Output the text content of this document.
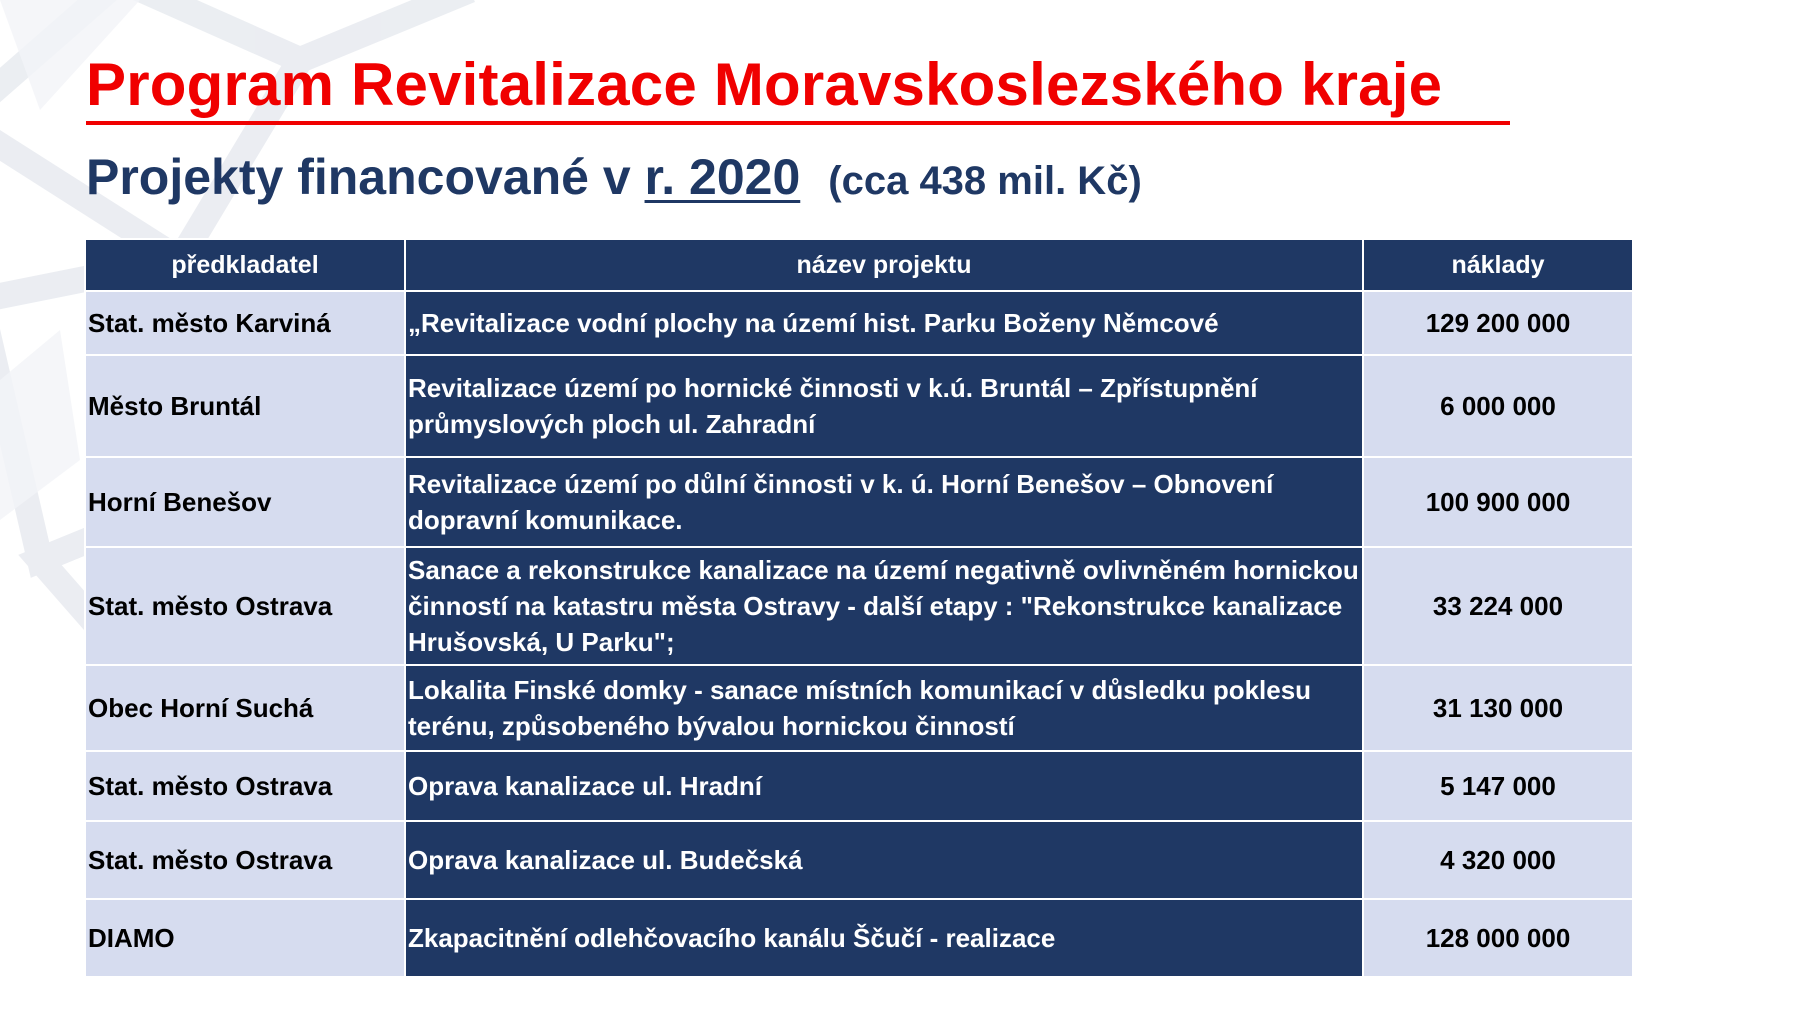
Program Revitalizace Moravskoslezského kraje
Projekty financované v r. 2020 (cca 438 mil. Kč)
předkladatel	název projektu	náklady
Stat. město Karviná	„Revitalizace vodní plochy na území hist. Parku Boženy Němcové	129 200 000
Město Bruntál	Revitalizace území po hornické činnosti v k.ú. Bruntál – Zpřístupnění průmyslových ploch ul. Zahradní	6 000 000
Horní Benešov	Revitalizace území po důlní činnosti v k. ú. Horní Benešov – Obnovení dopravní komunikace.	100 900 000
Stat. město Ostrava	Sanace a rekonstrukce kanalizace na území negativně ovlivněném hornickou činností na katastru města Ostravy - další etapy : "Rekonstrukce kanalizace Hrušovská, U Parku";	33 224 000
Obec Horní Suchá	Lokalita Finské domky - sanace místních komunikací v důsledku poklesu terénu, způsobeného bývalou hornickou činností	31 130 000
Stat. město Ostrava	Oprava kanalizace ul. Hradní	5 147 000
Stat. město Ostrava	Oprava kanalizace ul. Budečská	4 320 000
DIAMO	Zkapacitnění odlehčovacího kanálu Ščučí - realizace	128 000 000
